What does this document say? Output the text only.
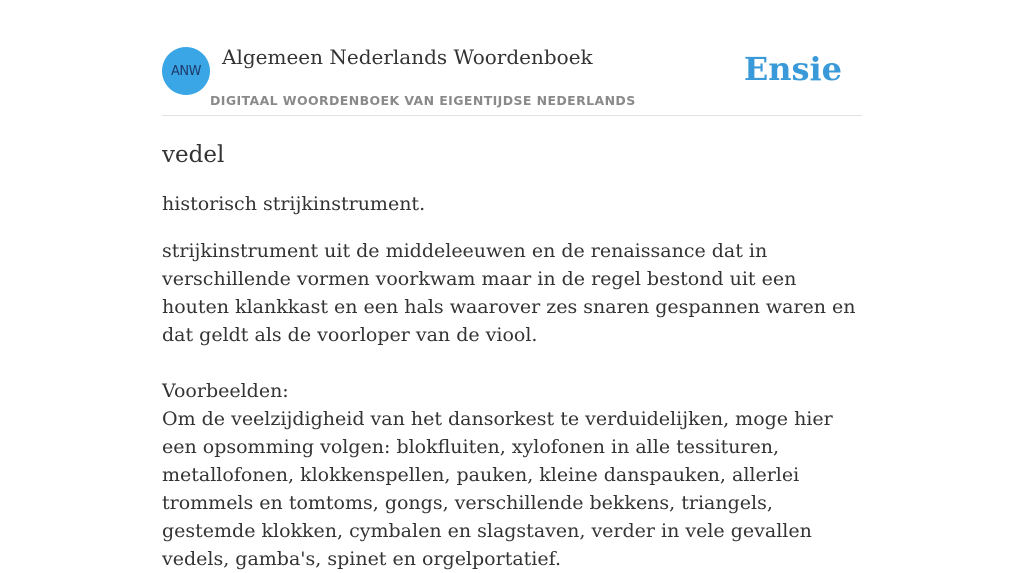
ANW
Algemeen Nederlands Woordenboek
DIGITAAL WOORDENBOEK VAN EIGENTIJDSE NEDERLANDS
Ensie
vedel

historisch strijkinstrument.

strijkinstrument uit de middeleeuwen en de renaissance dat in verschillende vormen voorkwam maar in de regel bestond uit een houten klankkast en een hals waarover zes snaren gespannen waren en dat geldt als de voorloper van de viool.

Voorbeelden:

Om de veelzijdigheid van het dansorkest te verduidelijken, moge hier een opsomming volgen: blokfluiten, xylofonen in alle tessituren, metallofonen, klokkenspellen, pauken, kleine danspauken, allerlei trommels en tomtoms, gongs, verschillende bekkens, triangels, gestemde klokken, cymbalen en slagstaven, verder in vele gevallen vedels, gamba's, spinet en orgelportatief.
